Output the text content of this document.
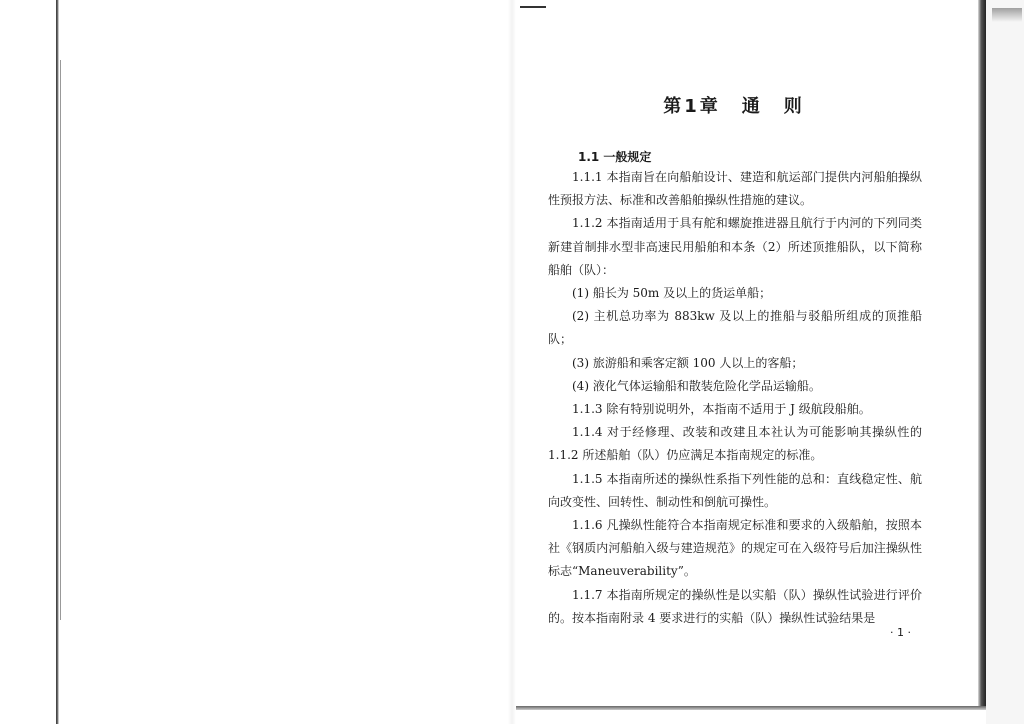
第1章　通　则
1.1 一般规定

1.1.1 本指南旨在向船舶设计、建造和航运部门提供内河船舶操纵性预报方法、标准和改善船舶操纵性措施的建议。

1.1.2 本指南适用于具有舵和螺旋推进器且航行于内河的下列同类新建首制排水型非高速民用船舶和本条（2）所述顶推船队，以下简称船舶（队）：

(1) 船长为 50m 及以上的货运单船；

(2) 主机总功率为 883kw 及以上的推船与驳船所组成的顶推船队；

(3) 旅游船和乘客定额 100 人以上的客船；

(4) 液化气体运输船和散装危险化学品运输船。

1.1.3 除有特别说明外，本指南不适用于 J 级航段船舶。

1.1.4 对于经修理、改装和改建且本社认为可能影响其操纵性的 1.1.2 所述船舶（队）仍应满足本指南规定的标准。

1.1.5 本指南所述的操纵性系指下列性能的总和：直线稳定性、航向改变性、回转性、制动性和倒航可操性。

1.1.6 凡操纵性能符合本指南规定标准和要求的入级船舶，按照本社《钢质内河船舶入级与建造规范》的规定可在入级符号后加注操纵性标志“Maneuverability”。

1.1.7 本指南所规定的操纵性是以实船（队）操纵性试验进行评价的。按本指南附录 4 要求进行的实船（队）操纵性试验结果是

· 1 ·
